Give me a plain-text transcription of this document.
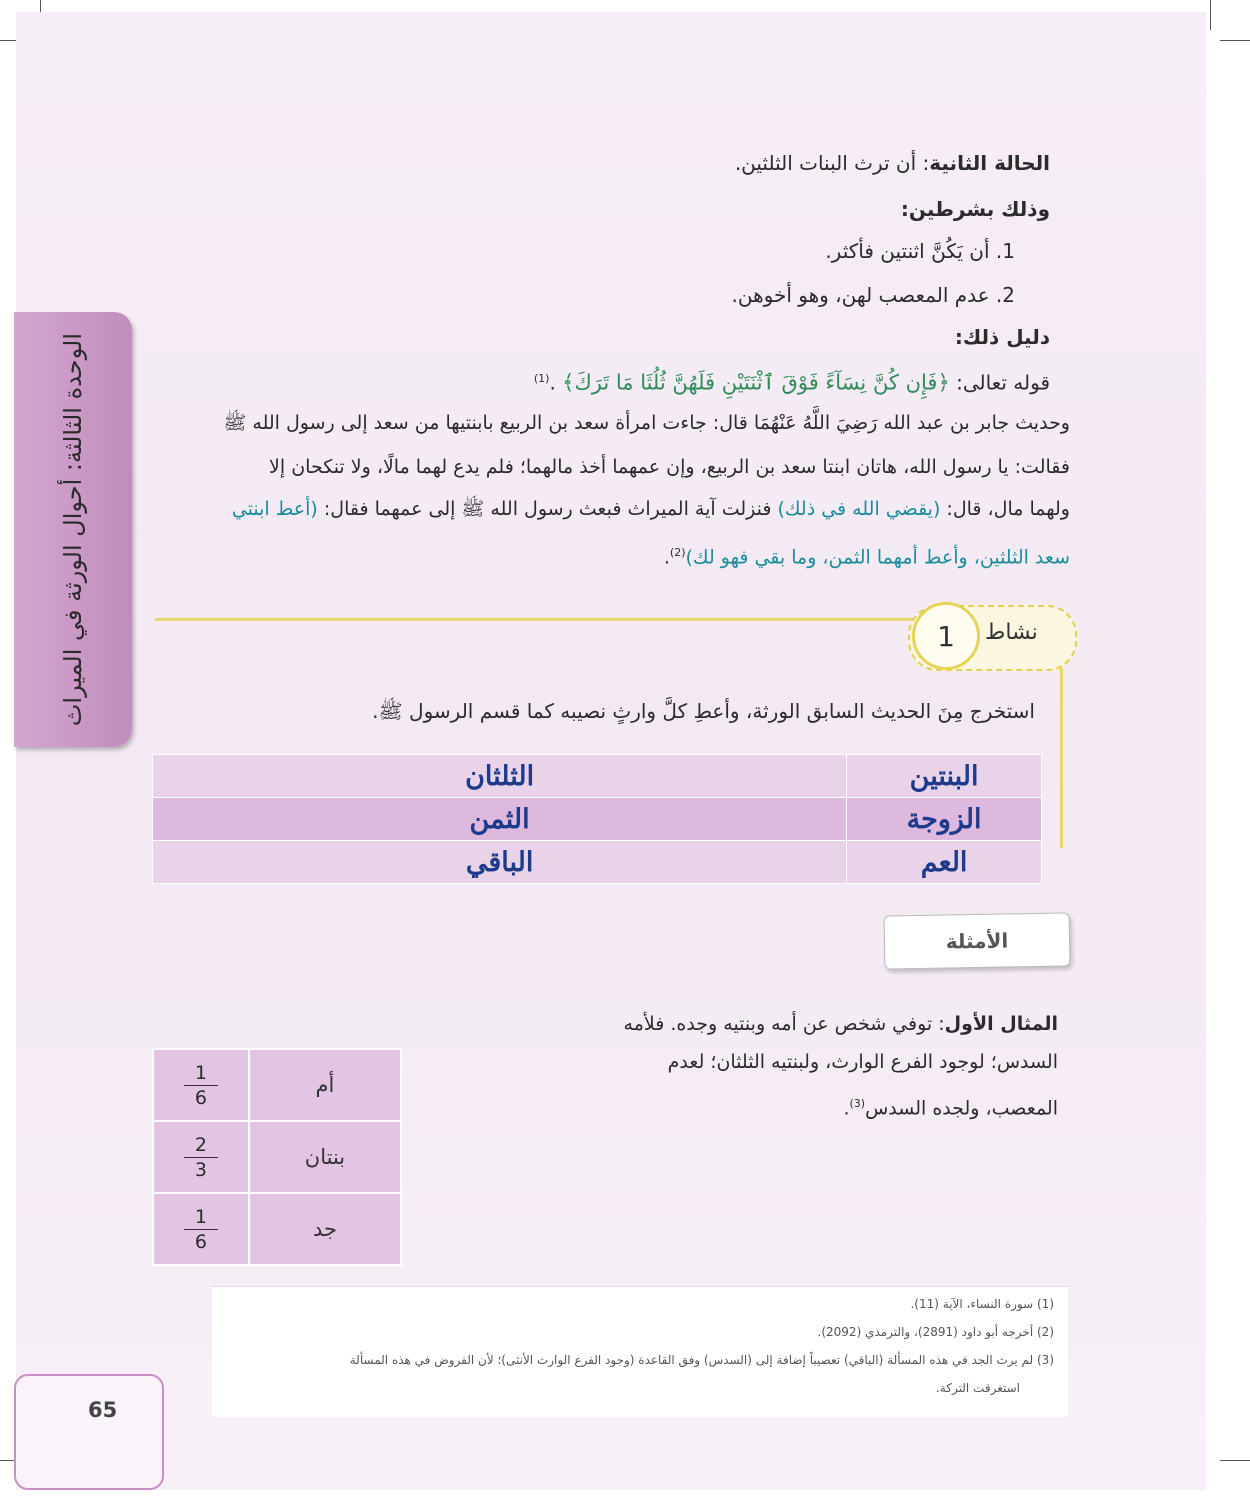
الوحدة الثالثة: أحوال الورثة في الميراث
الحالة الثانية: أن ترث البنات الثلثين.
وذلك بشرطين:
1. أن يَكُنَّ اثنتين فأكثر.
2. عدم المعصب لهن، وهو أخوهن.
دليل ذلك:
قوله تعالى: ﴿فَإِن كُنَّ نِسَآءً فَوْقَ ٱثْنَتَيْنِ فَلَهُنَّ ثُلُثَا مَا تَرَكَ﴾ .$^{(1)}$
وحديث جابر بن عبد الله رَضِيَ اللَّهُ عَنْهُمَا قال: جاءت امرأة سعد بن الربيع بابنتيها من سعد إلى رسول الله ﷺ
فقالت: يا رسول الله، هاتان ابنتا سعد بن الربيع، وإن عمهما أخذ مالهما؛ فلم يدع لهما مالًا، ولا تنكحان إلا
ولهما مال، قال: (يقضي الله في ذلك) فنزلت آية الميراث فبعث رسول الله ﷺ إلى عمهما فقال: (أعط ابنتي
سعد الثلثين، وأعط أمهما الثمن، وما بقي فهو لك)$^{(2)}$.
1	نشاط
استخرج مِنَ الحديث السابق الورثة، وأعطِ كلَّ وارثٍ نصيبه كما قسم الرسول ﷺ.
الثلثان	البنتين
الثمن	الزوجة
الباقي	العم
الأمثلة
المثال الأول: توفي شخص عن أمه وبنتيه وجده. فلأمه
السدس؛ لوجود الفرع الوارث، ولبنتيه الثلثان؛ لعدم
المعصب، ولجده السدس$^{(3)}$.
$\frac{1}{6}$	أم

$\frac{2}{3}$	بنتان

$\frac{1}{6}$	جد
(1) سورة النساء، الآية (11).
(2) أخرجه أبو داود (2891)، والترمذي (2092).
(3) لم يرث الجد في هذه المسألة (الباقي) تعصيباً إضافة إلى (السدس) وفق القاعدة (وجود الفرع الوارث الأنثى)؛ لأن الفروض في هذه المسألة
استغرقت التركة.
65
